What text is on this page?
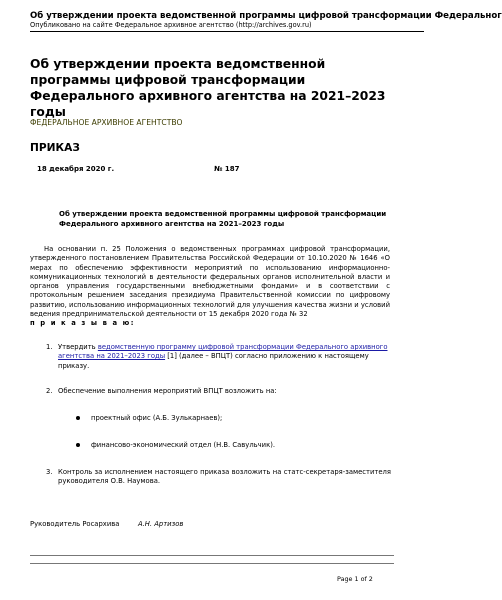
Об утверждении проекта ведомственной программы цифровой трансформации Федеральног
Опубликовано на сайте Федеральное архивное агентство (http://archives.gov.ru)
Об утверждении проекта ведомственной программы цифровой трансформации Федерального архивного агентства на 2021–2023 годы
ФЕДЕРАЛЬНОЕ АРХИВНОЕ АГЕНТСТВО
ПРИКАЗ
18 декабря 2020 г.	№ 187
Об утверждении проекта ведомственной программы цифровой трансформации Федерального архивного агентства на 2021–2023 годы
На основании п. 25 Положения о ведомственных программах цифровой трансформации, утвержденного постановлением Правительства Российской Федерации от 10.10.2020 № 1646 «О мерах по обеспечению эффективности мероприятий по использованию информационно-коммуникационных технологий в деятельности федеральных органов исполнительной власти и органов управления государственными внебюджетными фондами» и в соответствии с протокольным решением заседания президиума Правительственной комиссии по цифровому развитию, использованию информационных технологий для улучшения качества жизни и условий ведения предпринимательской деятельности от 15 декабря 2020 года № 32
п р и к а з ы в а ю:
1. Утвердить ведомственную программу цифровой трансформации Федерального архивного агентства на 2021–2023 годы [1] (далее – ВПЦТ) согласно приложению к настоящему приказу.
2. Обеспечение выполнения мероприятий ВПЦТ возложить на:
проектный офис (А.Б. Зулькарнаев);
финансово-экономический отдел (Н.В. Савульчик).
3. Контроль за исполнением настоящего приказа возложить на статс-секретаря-заместителя руководителя О.В. Наумова.
Руководитель Росархива	А.Н. Артизов
Page 1 of 2
